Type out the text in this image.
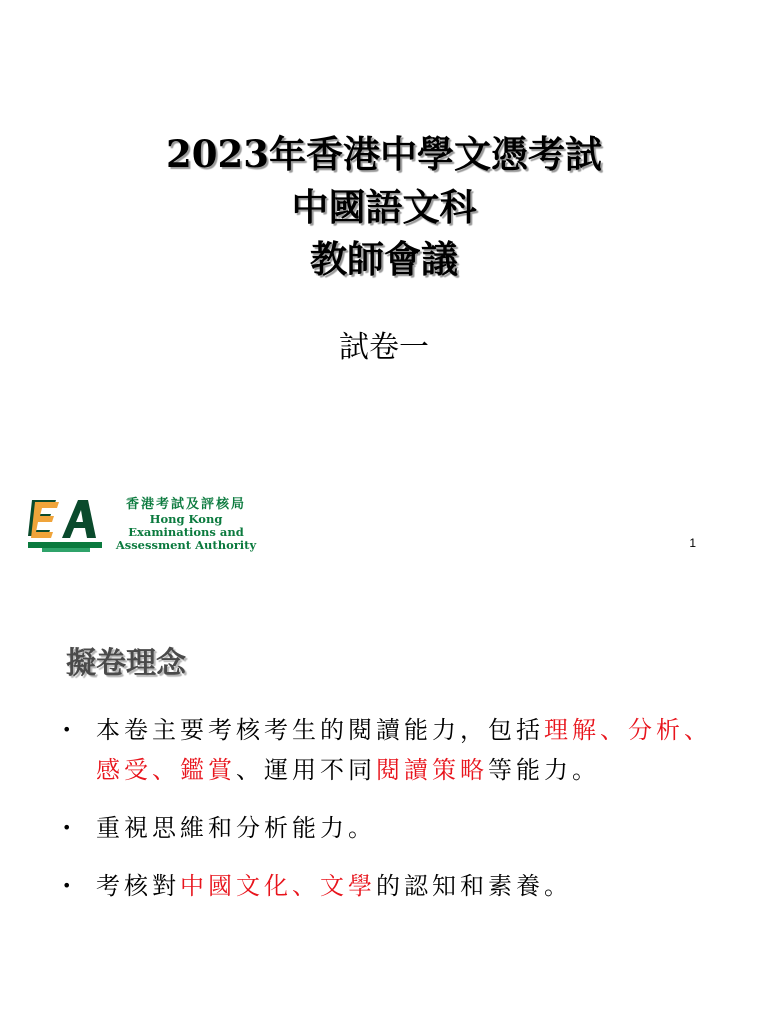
2023年香港中學文憑考試
中國語文科
教師會議
試卷一
香港考試及評核局
Hong Kong
Examinations and
Assessment Authority	1
擬卷理念
• 本卷主要考核考生的閱讀能力，包括理解、分析、感受、鑑賞、運用不同閱讀策略等能力。
• 重視思維和分析能力。
• 考核對中國文化、文學的認知和素養。
